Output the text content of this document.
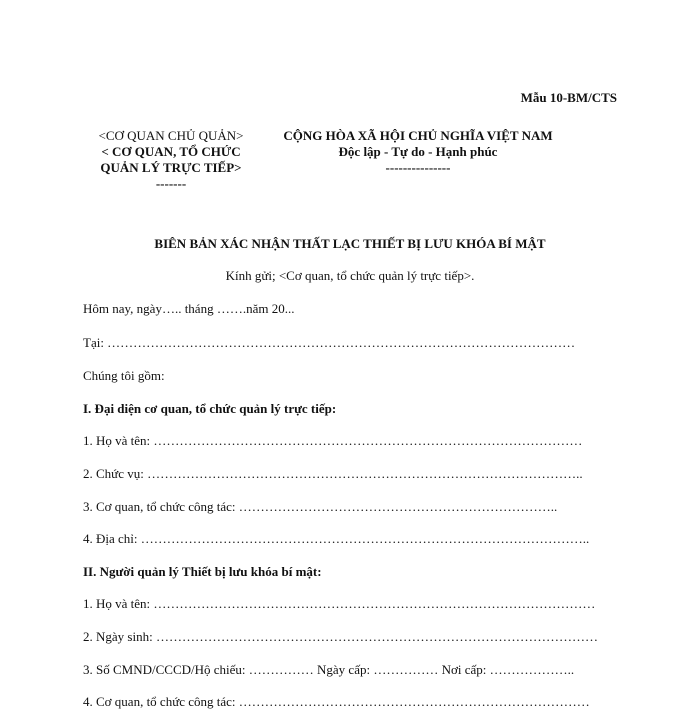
Mẫu 10-BM/CTS
<CƠ QUAN CHỦ QUẢN>
< CƠ QUAN, TỔ CHỨC
QUẢN LÝ TRỰC TIẾP>
-------
CỘNG HÒA XÃ HỘI CHỦ NGHĨA VIỆT NAM
Độc lập - Tự do - Hạnh phúc
---------------
BIÊN BẢN XÁC NHẬN THẤT LẠC THIẾT BỊ LƯU KHÓA BÍ MẬT
Kính gửi; <Cơ quan, tổ chức quản lý trực tiếp>.
Hôm nay, ngày….. tháng …….năm 20...
Tại: ………………………………………………………………………………………………
Chúng tôi gồm:
I. Đại diện cơ quan, tổ chức quản lý trực tiếp:
1. Họ và tên: ………………………………………………………………………………………
2. Chức vụ: ………………………………………………………………………………………..
3. Cơ quan, tổ chức công tác: ………………………………………………………………..
4. Địa chỉ: …………………………………………………………………………………………..
II. Người quản lý Thiết bị lưu khóa bí mật:
1. Họ và tên: …………………………………………………………………………………………
2. Ngày sinh: …………………………………………………………………………………………
3. Số CMND/CCCD/Hộ chiếu: …………… Ngày cấp: …………… Nơi cấp: ………………..
4. Cơ quan, tổ chức công tác: ………………………………………………………………………
